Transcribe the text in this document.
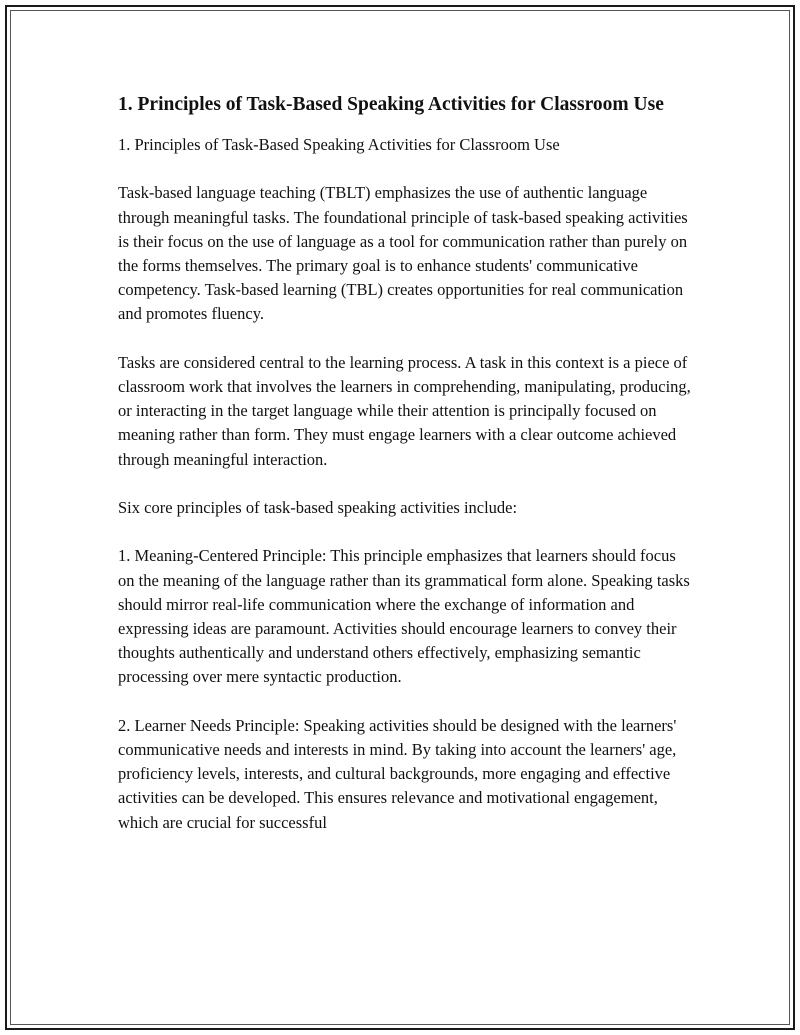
1. Principles of Task-Based Speaking Activities for Classroom Use

1. Principles of Task-Based Speaking Activities for Classroom Use

Task-based language teaching (TBLT) emphasizes the use of authentic language through meaningful tasks. The foundational principle of task-based speaking activities is their focus on the use of language as a tool for communication rather than purely on the forms themselves. The primary goal is to enhance students' communicative competency. Task-based learning (TBL) creates opportunities for real communication and promotes fluency.

Tasks are considered central to the learning process. A task in this context is a piece of classroom work that involves the learners in comprehending, manipulating, producing, or interacting in the target language while their attention is principally focused on meaning rather than form. They must engage learners with a clear outcome achieved through meaningful interaction.

Six core principles of task-based speaking activities include:

1. Meaning-Centered Principle: This principle emphasizes that learners should focus on the meaning of the language rather than its grammatical form alone. Speaking tasks should mirror real-life communication where the exchange of information and expressing ideas are paramount. Activities should encourage learners to convey their thoughts authentically and understand others effectively, emphasizing semantic processing over mere syntactic production.

2. Learner Needs Principle: Speaking activities should be designed with the learners' communicative needs and interests in mind. By taking into account the learners' age, proficiency levels, interests, and cultural backgrounds, more engaging and effective activities can be developed. This ensures relevance and motivational engagement, which are crucial for successful
